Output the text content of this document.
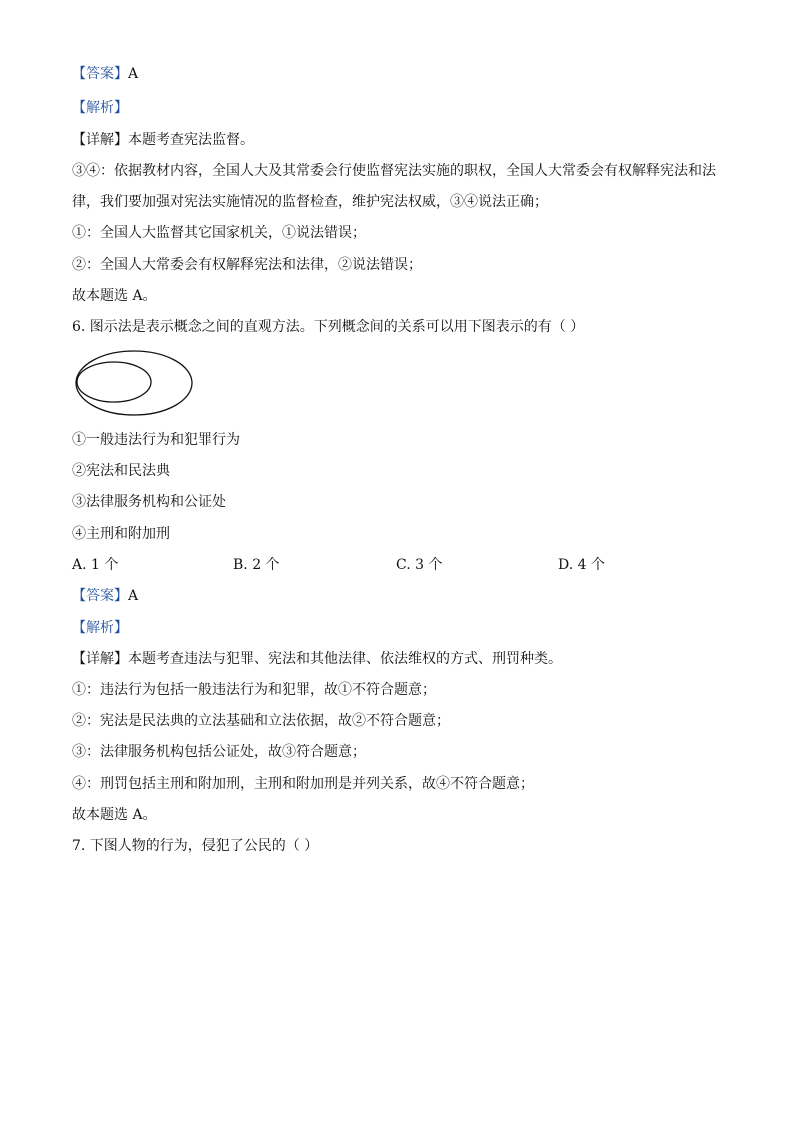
【答案】A
【解析】
【详解】本题考查宪法监督。
③④：依据教材内容，全国人大及其常委会行使监督宪法实施的职权，全国人大常委会有权解释宪法和法
律，我们要加强对宪法实施情况的监督检查，维护宪法权威，③④说法正确；
①：全国人大监督其它国家机关，①说法错误；
②：全国人大常委会有权解释宪法和法律，②说法错误；
故本题选 A。
6. 图示法是表示概念之间的直观方法。下列概念间的关系可以用下图表示的有（ ）
①一般违法行为和犯罪行为
②宪法和民法典
③法律服务机构和公证处
④主刑和附加刑
A. 1 个	B. 2 个	C. 3 个	D. 4 个
【答案】A
【解析】
【详解】本题考查违法与犯罪、宪法和其他法律、依法维权的方式、刑罚种类。
①：违法行为包括一般违法行为和犯罪，故①不符合题意；
②：宪法是民法典的立法基础和立法依据，故②不符合题意；
③：法律服务机构包括公证处，故③符合题意；
④：刑罚包括主刑和附加刑，主刑和附加刑是并列关系，故④不符合题意；
故本题选 A。
7. 下图人物的行为，侵犯了公民的（ ）
